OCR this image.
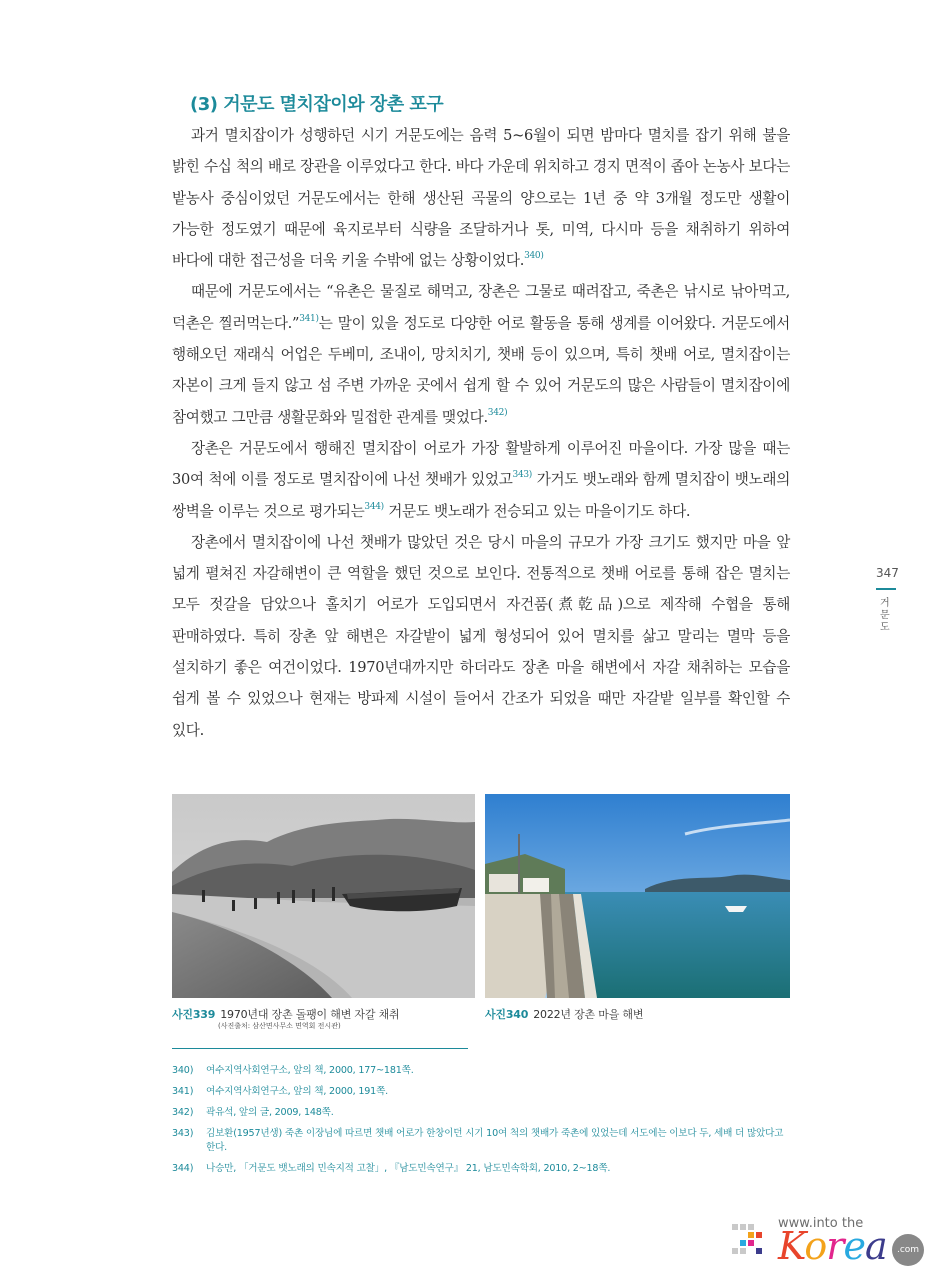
(3) 거문도 멸치잡이와 장촌 포구

과거 멸치잡이가 성행하던 시기 거문도에는 음력 5~6월이 되면 밤마다 멸치를 잡기 위해 불을 밝힌 수십 척의 배로 장관을 이루었다고 한다. 바다 가운데 위치하고 경지 면적이 좁아 논농사 보다는 밭농사 중심이었던 거문도에서는 한해 생산된 곡물의 양으로는 1년 중 약 3개월 정도만 생활이 가능한 정도였기 때문에 육지로부터 식량을 조달하거나 톳, 미역, 다시마 등을 채취하기 위하여 바다에 대한 접근성을 더욱 키울 수밖에 없는 상황이었다.$^{340)}$

때문에 거문도에서는 “유촌은 물질로 해먹고, 장촌은 그물로 때려잡고, 죽촌은 낚시로 낚아먹고, 덕촌은 찔러먹는다.”$^{341)}$는 말이 있을 정도로 다양한 어로 활동을 통해 생계를 이어왔다. 거문도에서 행해오던 재래식 어업은 두베미, 조내이, 망치치기, 챗배 등이 있으며, 특히 챗배 어로, 멸치잡이는 자본이 크게 들지 않고 섬 주변 가까운 곳에서 쉽게 할 수 있어 거문도의 많은 사람들이 멸치잡이에 참여했고 그만큼 생활문화와 밀접한 관계를 맺었다.$^{342)}$

장촌은 거문도에서 행해진 멸치잡이 어로가 가장 활발하게 이루어진 마을이다. 가장 많을 때는 30여 척에 이를 정도로 멸치잡이에 나선 챗배가 있었고$^{343)}$ 가거도 뱃노래와 함께 멸치잡이 뱃노래의 쌍벽을 이루는 것으로 평가되는$^{344)}$ 거문도 뱃노래가 전승되고 있는 마을이기도 하다.

장촌에서 멸치잡이에 나선 챗배가 많았던 것은 당시 마을의 규모가 가장 크기도 했지만 마을 앞 넓게 펼쳐진 자갈해변이 큰 역할을 했던 것으로 보인다. 전통적으로 챗배 어로를 통해 잡은 멸치는 모두 젓갈을 담았으나 홀치기 어로가 도입되면서 자건품(煮乾品)으로 제작해 수협을 통해 판매하였다. 특히 장촌 앞 해변은 자갈밭이 넓게 형성되어 있어 멸치를 삶고 말리는 멸막 등을 설치하기 좋은 여건이었다. 1970년대까지만 하더라도 장촌 마을 해변에서 자갈 채취하는 모습을 쉽게 볼 수 있었으나 현재는 방파제 시설이 들어서 간조가 되었을 때만 자갈밭 일부를 확인할 수 있다.

347
거문도
사진339 1970년대 장촌 돌팽이 해변 자갈 채취
(사진출처: 삼산면사무소 면역회 전시관)
사진340 2022년 장촌 마을 해변
340)	여수지역사회연구소, 앞의 책, 2000, 177~181쪽.
341)	여수지역사회연구소, 앞의 책, 2000, 191쪽.
342)	곽유석, 앞의 글, 2009, 148쪽.
343)	김보환(1957년생) 죽촌 이장님에 따르면 챗배 어로가 한창이던 시기 10여 척의 챗배가 죽촌에 있었는데 서도에는 이보다 두, 세배 더 많았다고 한다.
344)	나승만, 「거문도 뱃노래의 민속지적 고찰」, 『남도민속연구』 21, 남도민속학회, 2010, 2~18쪽.
www.into the
Korea	.com
